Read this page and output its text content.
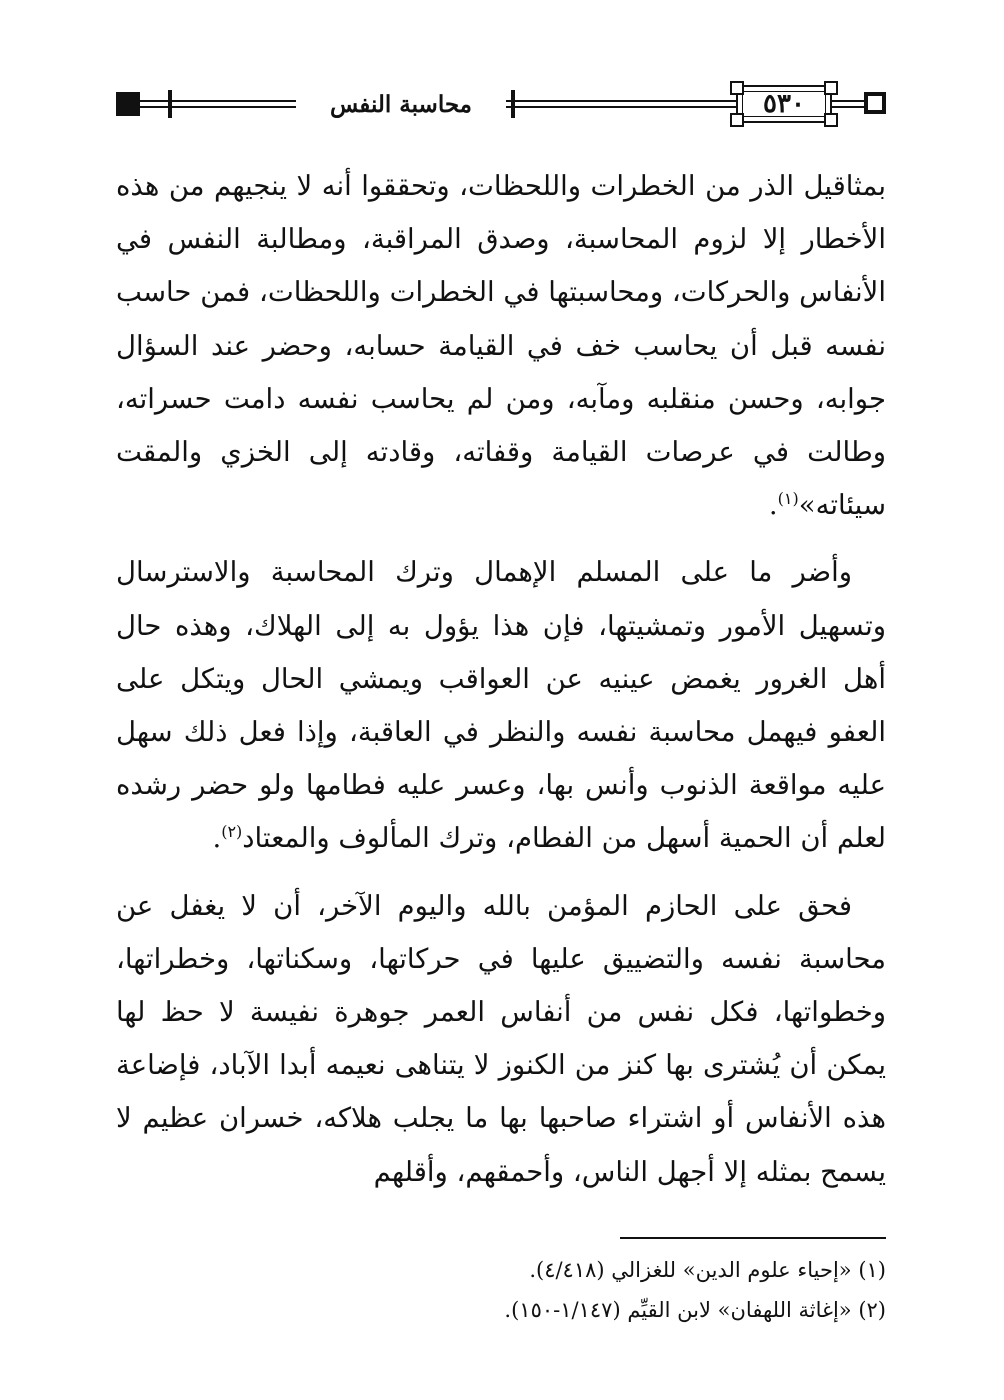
محاسبة النفس	٥٣٠

بمثاقيل الذر من الخطرات واللحظات، وتحققوا أنه لا ينجيهم من هذه الأخطار إلا لزوم المحاسبة، وصدق المراقبة، ومطالبة النفس في الأنفاس والحركات، ومحاسبتها في الخطرات واللحظات، فمن حاسب نفسه قبل أن يحاسب خف في القيامة حسابه، وحضر عند السؤال جوابه، وحسن منقلبه ومآبه، ومن لم يحاسب نفسه دامت حسراته، وطالت في عرصات القيامة وقفاته، وقادته إلى الخزي والمقت سيئاته»$^{(١)}$.

وأضر ما على المسلم الإهمال وترك المحاسبة والاسترسال وتسهيل الأمور وتمشيتها، فإن هذا يؤول به إلى الهلاك، وهذه حال أهل الغرور يغمض عينيه عن العواقب ويمشي الحال ويتكل على العفو فيهمل محاسبة نفسه والنظر في العاقبة، وإذا فعل ذلك سهل عليه مواقعة الذنوب وأنس بها، وعسر عليه فطامها ولو حضر رشده لعلم أن الحمية أسهل من الفطام، وترك المألوف والمعتاد$^{(٢)}$.

فحق على الحازم المؤمن بالله واليوم الآخر، أن لا يغفل عن محاسبة نفسه والتضييق عليها في حركاتها، وسكناتها، وخطراتها، وخطواتها، فكل نفس من أنفاس العمر جوهرة نفيسة لا حظ لها يمكن أن يُشترى بها كنز من الكنوز لا يتناهى نعيمه أبدا الآباد، فإضاعة هذه الأنفاس أو اشتراء صاحبها بها ما يجلب هلاكه، خسران عظيم لا يسمح بمثله إلا أجهل الناس، وأحمقهم، وأقلهم

(١) «إحياء علوم الدين» للغزالي (٤/٤١٨).

(٢) «إغاثة اللهفان» لابن القيِّم (١/١٤٧-١٥٠).
